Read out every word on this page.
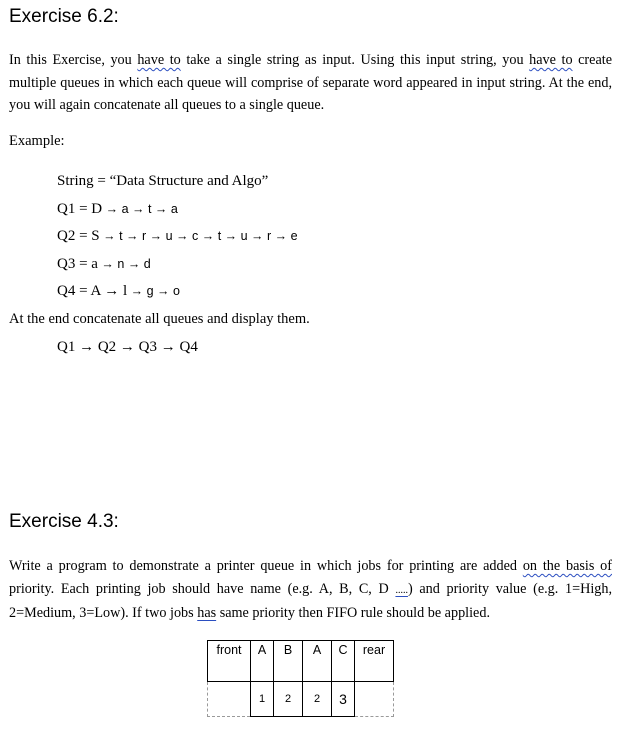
Exercise 6.2:

In this Exercise, you have to take a single string as input. Using this input string, you have to create multiple queues in which each queue will comprise of separate word appeared in input string. At the end, you will again concatenate all queues to a single queue.

Example:

String = “Data Structure and Algo”

Q1 = D → a → t → a

Q2 = S → t → r → u → c → t → u → r → e

Q3 = a → n → d

Q4 = A → l → g → o

At the end concatenate all queues and display them.

Q1 → Q2 → Q3 → Q4

Exercise 4.3:

Write a program to demonstrate a printer queue in which jobs for printing are added on the basis of priority. Each printing job should have name (e.g. A, B, C, D .....) and priority value (e.g. 1=High, 2=Medium, 3=Low). If two jobs has same priority then FIFO rule should be applied.

front	A	B	A	C	rear
	1	2	2	3	
